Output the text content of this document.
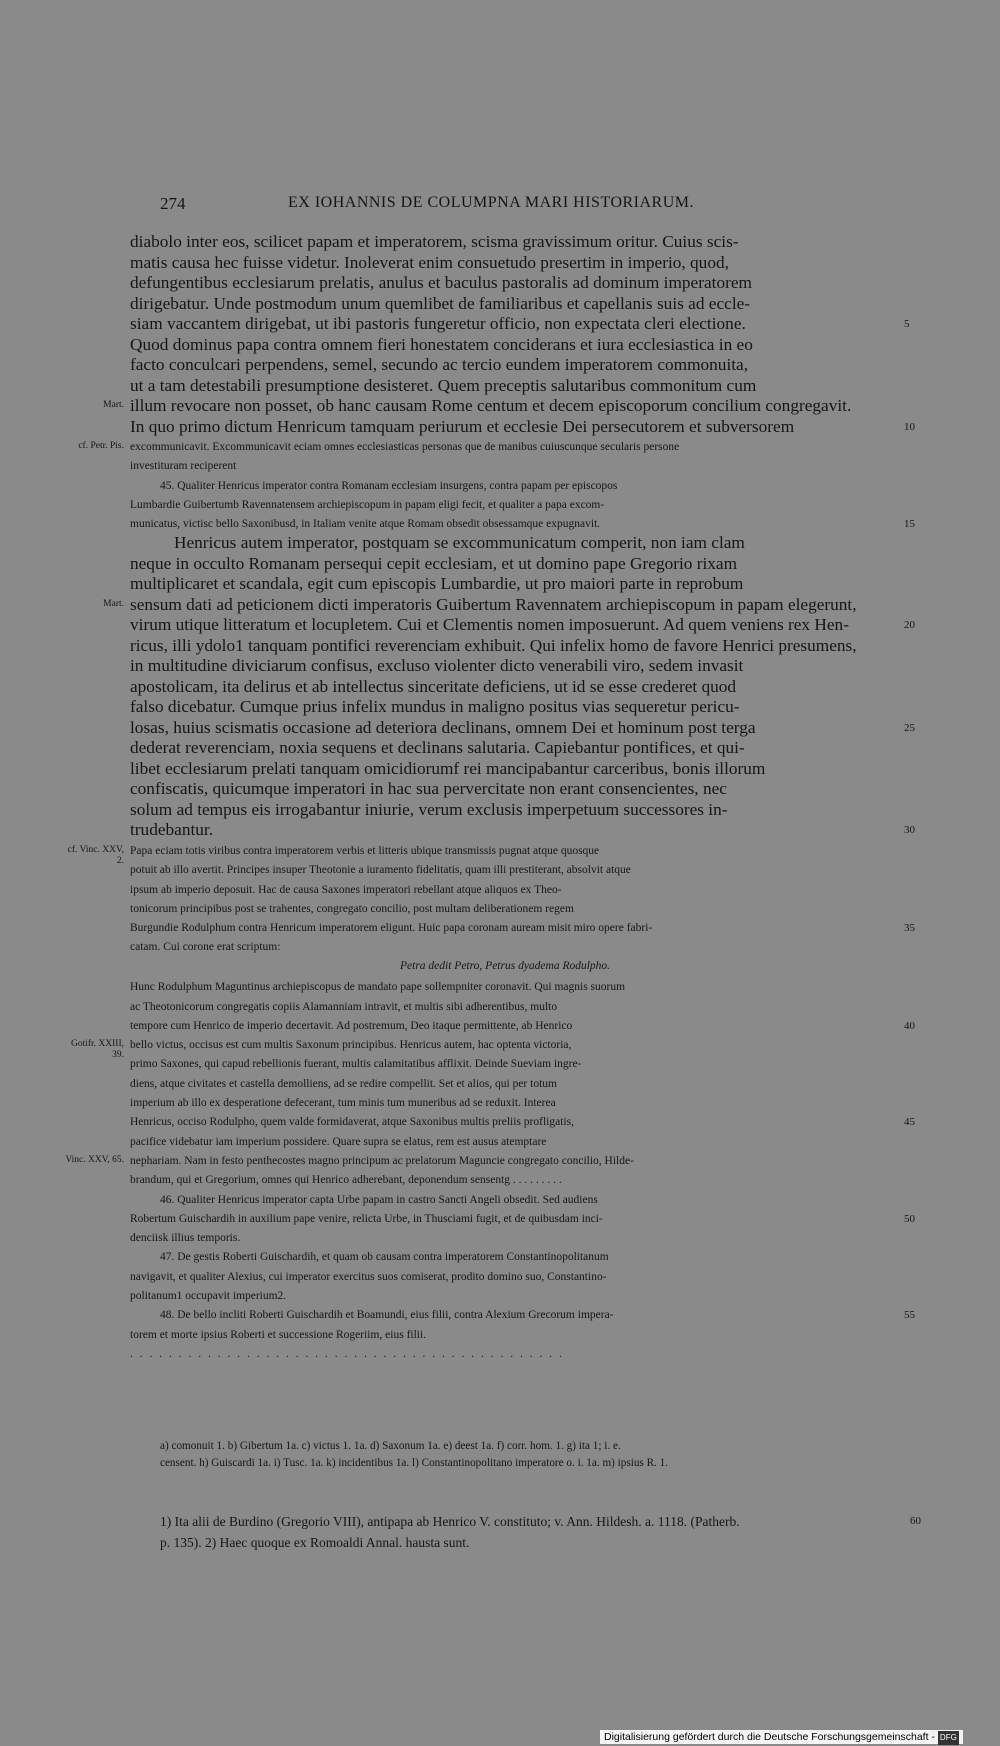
274	EX IOHANNIS DE COLUMPNA MARI HISTORIARUM.
diabolo inter eos, scilicet papam et imperatorem, scisma gravissimum oritur. Cuius scis-
matis causa hec fuisse videtur. Inoleverat enim consuetudo presertim in imperio, quod,
defungentibus ecclesiarum prelatis, anulus et baculus pastoralis ad dominum imperatorem
dirigebatur. Unde postmodum unum quemlibet de familiaribus et capellanis suis ad eccle-
siam vaccantem dirigebat, ut ibi pastoris fungeretur officio, non expectata cleri electione.	5
Quod dominus papa contra omnem fieri honestatem conciderans et iura ecclesiastica in eo
facto conculcari perpendens, semel, secundo ac tercio eundem imperatorem commonuita,
ut a tam detestabili presumptione desisteret. Quem preceptis salutaribus commonitum cum
illum revocare non posset, ob hanc causam Rome centum et decem episcoporum concilium congregavit.
Mart.
In quo primo dictum Henricum tamquam periurum et ecclesie Dei persecutorem et subversorem	10
excommunicavit. Excommunicavit eciam omnes ecclesiasticas personas que de manibus cuiuscunque secularis persone
cf. Petr. Pis.
investituram reciperent
45. Qualiter Henricus imperator contra Romanam ecclesiam insurgens, contra papam per episcopos
Lumbardie Guibertumb Ravennatensem archiepiscopum in papam eligi fecit, et qualiter a papa excom-
municatus, victisc bello Saxonibusd, in Italiam venite atque Romam obsedit obsessamque expugnavit.	15
Henricus autem imperator, postquam se excommunicatum comperit, non iam clam
neque in occulto Romanam persequi cepit ecclesiam, et ut domino pape Gregorio rixam
multiplicaret et scandala, egit cum episcopis Lumbardie, ut pro maiori parte in reprobum
sensum dati ad peticionem dicti imperatoris Guibertum Ravennatem archiepiscopum in papam elegerunt,
Mart.
virum utique litteratum et locupletem. Cui et Clementis nomen imposuerunt. Ad quem veniens rex Hen-	20
ricus, illi ydolo1 tanquam pontifici reverenciam exhibuit. Qui infelix homo de favore Henrici presumens,
in multitudine diviciarum confisus, excluso violenter dicto venerabili viro, sedem invasit
apostolicam, ita delirus et ab intellectus sinceritate deficiens, ut id se esse crederet quod
falso dicebatur. Cumque prius infelix mundus in maligno positus vias sequeretur pericu-
losas, huius scismatis occasione ad deteriora declinans, omnem Dei et hominum post terga	25
dederat reverenciam, noxia sequens et declinans salutaria. Capiebantur pontifices, et qui-
libet ecclesiarum prelati tanquam omicidiorumf rei mancipabantur carceribus, bonis illorum
confiscatis, quicumque imperatori in hac sua pervercitate non erant consencientes, nec
solum ad tempus eis irrogabantur iniurie, verum exclusis imperpetuum successores in-
trudebantur.	30
Papa eciam totis viribus contra imperatorem verbis et litteris ubique transmissis pugnat atque quosque
cf. Vinc. XXV, 2.
potuit ab illo avertit. Principes insuper Theotonie a iuramento fidelitatis, quam illi prestiterant, absolvit atque
ipsum ab imperio deposuit. Hac de causa Saxones imperatori rebellant atque aliquos ex Theo-
tonicorum principibus post se trahentes, congregato concilio, post multam deliberationem regem
Burgundie Rodulphum contra Henricum imperatorem eligunt. Huic papa coronam auream misit miro opere fabri-	35
catam. Cui corone erat scriptum:
Petra dedit Petro, Petrus dyadema Rodulpho.
Hunc Rodulphum Maguntinus archiepiscopus de mandato pape sollempniter coronavit. Qui magnis suorum
ac Theotonicorum congregatis copiis Alamanniam intravit, et multis sibi adherentibus, multo
tempore cum Henrico de imperio decertavit. Ad postremum, Deo itaque permittente, ab Henrico	40
bello victus, occisus est cum multis Saxonum principibus. Henricus autem, hac optenta victoria,
Gotifr. XXIII, 39.
primo Saxones, qui capud rebellionis fuerant, multis calamitatibus afflixit. Deinde Sueviam ingre-
diens, atque civitates et castella demolliens, ad se redire compellit. Set et alios, qui per totum
imperium ab illo ex desperatione defecerant, tum minis tum muneribus ad se reduxit. Interea
Henricus, occiso Rodulpho, quem valde formidaverat, atque Saxonibus multis preliis profligatis,	45
pacifice videbatur iam imperium possidere. Quare supra se elatus, rem est ausus atemptare
nephariam. Nam in festo penthecostes magno principum ac prelatorum Maguncie congregato concilio, Hilde-
Vinc. XXV, 65.
brandum, qui et Gregorium, omnes qui Henrico adherebant, deponendum sensentg . . . . . . . . .
46. Qualiter Henricus imperator capta Urbe papam in castro Sancti Angeli obsedit. Sed audiens
Robertum Guischardih in auxilium pape venire, relicta Urbe, in Thusciami fugit, et de quibusdam inci-	50
denciisk illius temporis.
47. De gestis Roberti Guischardih, et quam ob causam contra imperatorem Constantinopolitanum
navigavit, et qualiter Alexius, cui imperator exercitus suos comiserat, prodito domino suo, Constantino-
politanum1 occupavit imperium2.
48. De bello incliti Roberti Guischardih et Boamundi, eius filii, contra Alexium Grecorum impera-	55
torem et morte ipsius Roberti et successione Rogeriim, eius filii.
. . . . . . . . . . . . . . . . . . . . . . . . . . . . . . . . . . . . . . . . . . . . .
a) comonuit 1. b) Gibertum 1a. c) victus 1. 1a. d) Saxonum 1a. e) deest 1a. f) corr. hom. 1. g) ita 1; i. e.
censent. h) Guiscardi 1a. i) Tusc. 1a. k) incidentibus 1a. l) Constantinopolitano imperatore o. i. 1a. m) ipsius R. 1.
1) Ita alii de Burdino (Gregorio VIII), antipapa ab Henrico V. constituto; v. Ann. Hildesh. a. 1118. (Patherb.
p. 135). 2) Haec quoque ex Romoaldi Annal. hausta sunt.
60
Digitalisierung gefördert durch die Deutsche Forschungsgemeinschaft - DFG
